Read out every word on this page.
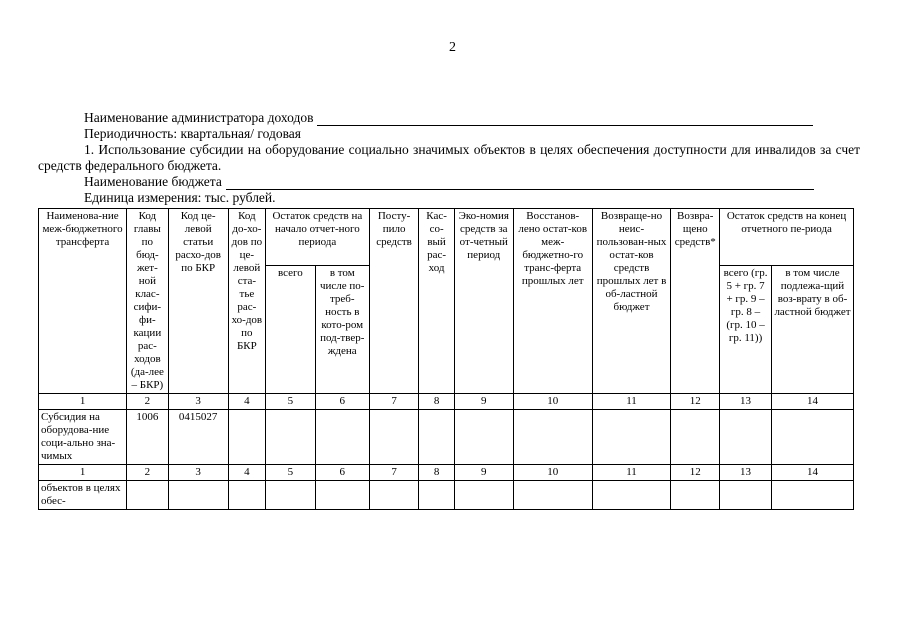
2
Наименование администратора доходов
Периодичность: квартальная/ годовая
1. Использование субсидии на оборудование социально значимых объектов в целях обеспечения доступности для инвалидов за счет средств федерального бюджета.
Наименование бюджета
Единица измерения: тыс. рублей.
Наименова-ние меж-бюджетного трансферта	Код главы по бюд-жет-ной клас-сифи-фи-кации рас-ходов (да-лее – БКР)	Код це-левой статьи расхо-дов по БКР	Код до-хо-дов по це-левой ста-тье рас-хо-дов по БКР	Остаток средств на начало отчет-ного периода		Посту-пило средств	Кас-со-вый рас-ход	Эко-номия средств за от-четный период	Восстанов-лено остат-ков меж-бюджетно-го транс-ферта прошлых лет	Возвраще-но неис-пользован-ных остат-ков средств прошлых лет в об-ластной бюджет	Возвра-щено средств*	Остаток средств на конец отчетного пе-риода	
				всего	в том числе по-треб-ность в кото-ром под-твер-ждена							всего (гр. 5 + гр. 7 + гр. 9 – гр. 8 – (гр. 10 – гр. 11))	в том числе подлежа-щий воз-врату в об-ластной бюджет
1	2	3	4	5	6	7	8	9	10	11	12	13	14
Субсидия на оборудова-ние соци-ально зна-чимых	1006	0415027											
1	2	3	4	5	6	7	8	9	10	11	12	13	14
объектов в целях обес-													
